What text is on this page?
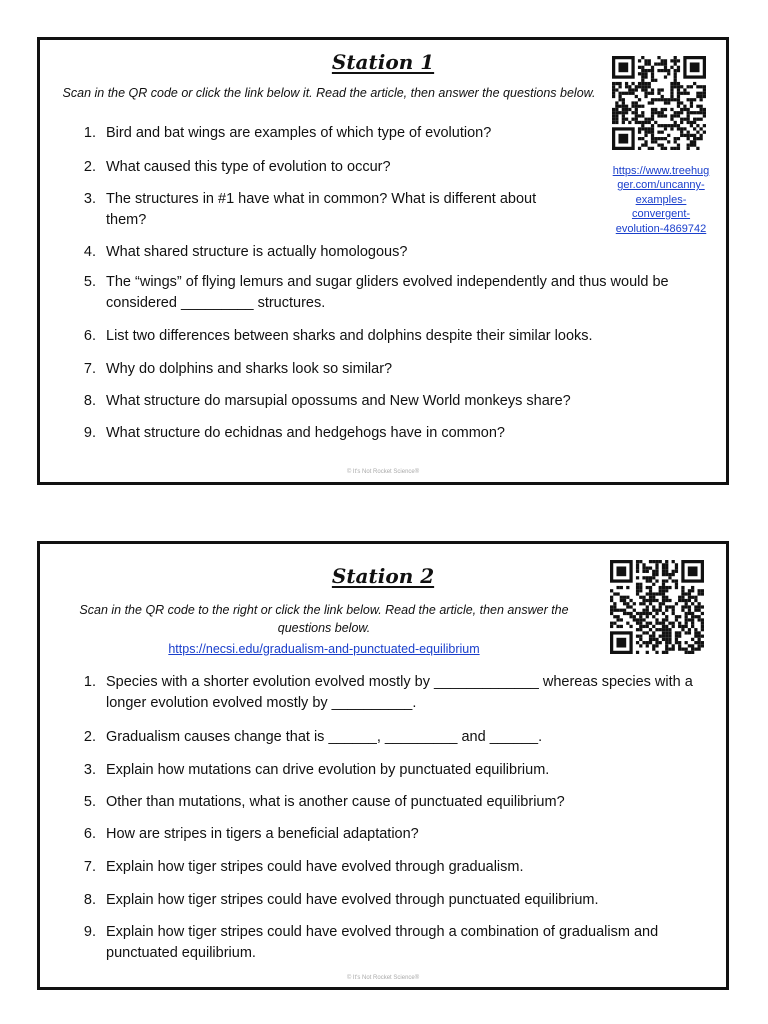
Station 1
Scan in the QR code or click the link below it. Read the article, then answer the questions below.
https://www.treehug
ger.com/uncanny-
examples-
convergent-
evolution-4869742
1. Bird and bat wings are examples of which type of evolution?
2. What caused this type of evolution to occur?
3. The structures in #1 have what in common? What is different about
them?
4. What shared structure is actually homologous?
5. The “wings” of flying lemurs and sugar gliders evolved independently and thus would be
considered _________ structures.
6. List two differences between sharks and dolphins despite their similar looks.
7. Why do dolphins and sharks look so similar?
8. What structure do marsupial opossums and New World monkeys share?
9. What structure do echidnas and hedgehogs have in common?
© It's Not Rocket Science®
Station 2
Scan in the QR code to the right or click the link below. Read the article, then answer the
questions below.
https://necsi.edu/gradualism-and-punctuated-equilibrium
1. Species with a shorter evolution evolved mostly by _____________ whereas species with a
longer evolution evolved mostly by __________.
2. Gradualism causes change that is ______, _________ and ______.
3. Explain how mutations can drive evolution by punctuated equilibrium.
5. Other than mutations, what is another cause of punctuated equilibrium?
6. How are stripes in tigers a beneficial adaptation?
7. Explain how tiger stripes could have evolved through gradualism.
8. Explain how tiger stripes could have evolved through punctuated equilibrium.
9. Explain how tiger stripes could have evolved through a combination of gradualism and
punctuated equilibrium.
© It's Not Rocket Science®
